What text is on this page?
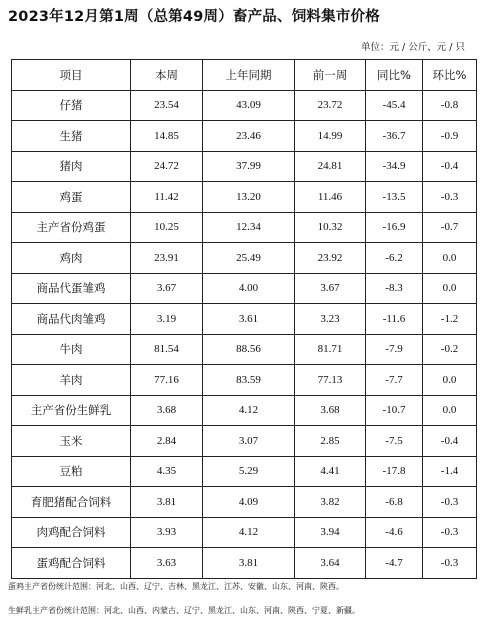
2023年12月第1周（总第49周）畜产品、饲料集市价格
单位：元 / 公斤、元 / 只
项目	本周	上年同期	前一周	同比%	环比%
仔猪	23.54	43.09	23.72	-45.4	-0.8
生猪	14.85	23.46	14.99	-36.7	-0.9
猪肉	24.72	37.99	24.81	-34.9	-0.4
鸡蛋	11.42	13.20	11.46	-13.5	-0.3
主产省份鸡蛋	10.25	12.34	10.32	-16.9	-0.7
鸡肉	23.91	25.49	23.92	-6.2	0.0
商品代蛋雏鸡	3.67	4.00	3.67	-8.3	0.0
商品代肉雏鸡	3.19	3.61	3.23	-11.6	-1.2
牛肉	81.54	88.56	81.71	-7.9	-0.2
羊肉	77.16	83.59	77.13	-7.7	0.0
主产省份生鲜乳	3.68	4.12	3.68	-10.7	0.0
玉米	2.84	3.07	2.85	-7.5	-0.4
豆粕	4.35	5.29	4.41	-17.8	-1.4
育肥猪配合饲料	3.81	4.09	3.82	-6.8	-0.3
肉鸡配合饲料	3.93	4.12	3.94	-4.6	-0.3
蛋鸡配合饲料	3.63	3.81	3.64	-4.7	-0.3
蛋鸡主产省份统计范围：河北、山西、辽宁、吉林、黑龙江、江苏、安徽、山东、河南、陕西。
生鲜乳主产省份统计范围：河北、山西、内蒙古、辽宁、黑龙江、山东、河南、陕西、宁夏、新疆。
